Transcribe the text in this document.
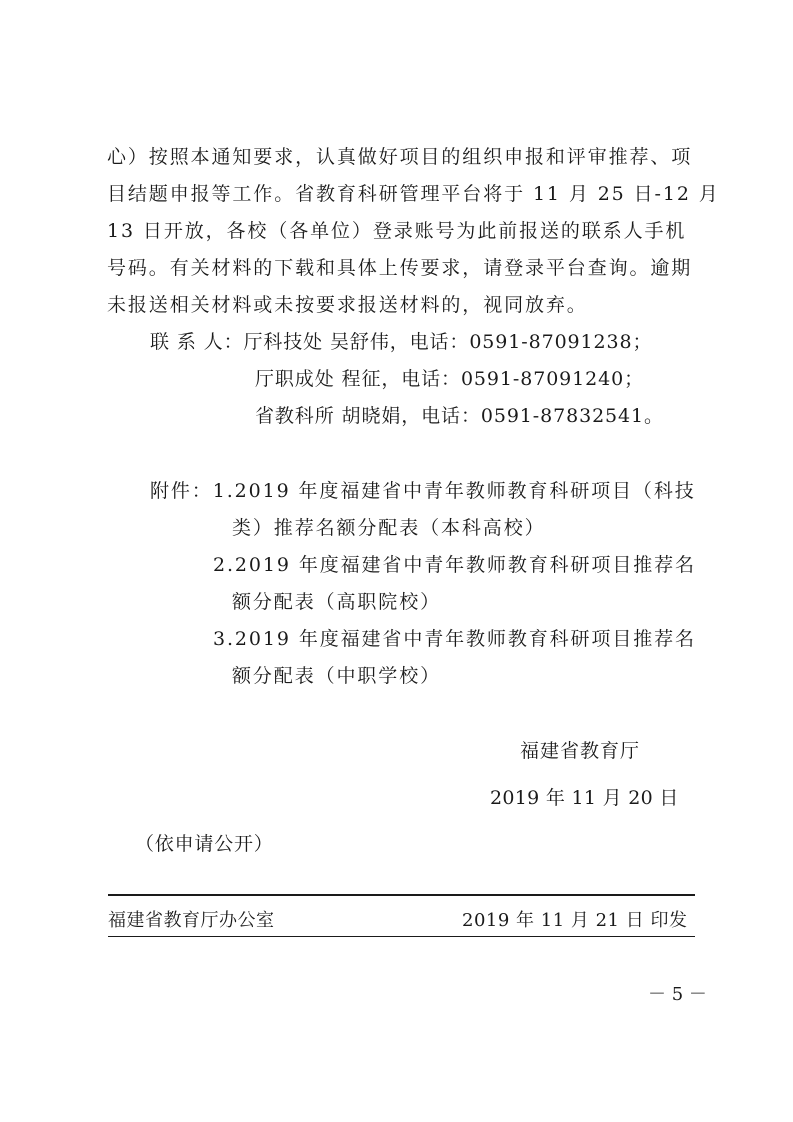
心）按照本通知要求，认真做好项目的组织申报和评审推荐、项
目结题申报等工作。省教育科研管理平台将于 11 月 25 日-12 月
13 日开放，各校（各单位）登录账号为此前报送的联系人手机
号码。有关材料的下载和具体上传要求，请登录平台查询。逾期
未报送相关材料或未按要求报送材料的，视同放弃。
联 系 人：厅科技处 吴舒伟，电话：0591-87091238；
厅职成处 程征，电话：0591-87091240；
省教科所 胡晓娟，电话：0591-87832541。
附件：1.2019 年度福建省中青年教师教育科研项目（科技
类）推荐名额分配表（本科高校）
2.2019 年度福建省中青年教师教育科研项目推荐名
额分配表（高职院校）
3.2019 年度福建省中青年教师教育科研项目推荐名
额分配表（中职学校）
福建省教育厅
2019 年 11 月 20 日
（依申请公开）
福建省教育厅办公室	2019 年 11 月 21 日 印发
－ 5 －
